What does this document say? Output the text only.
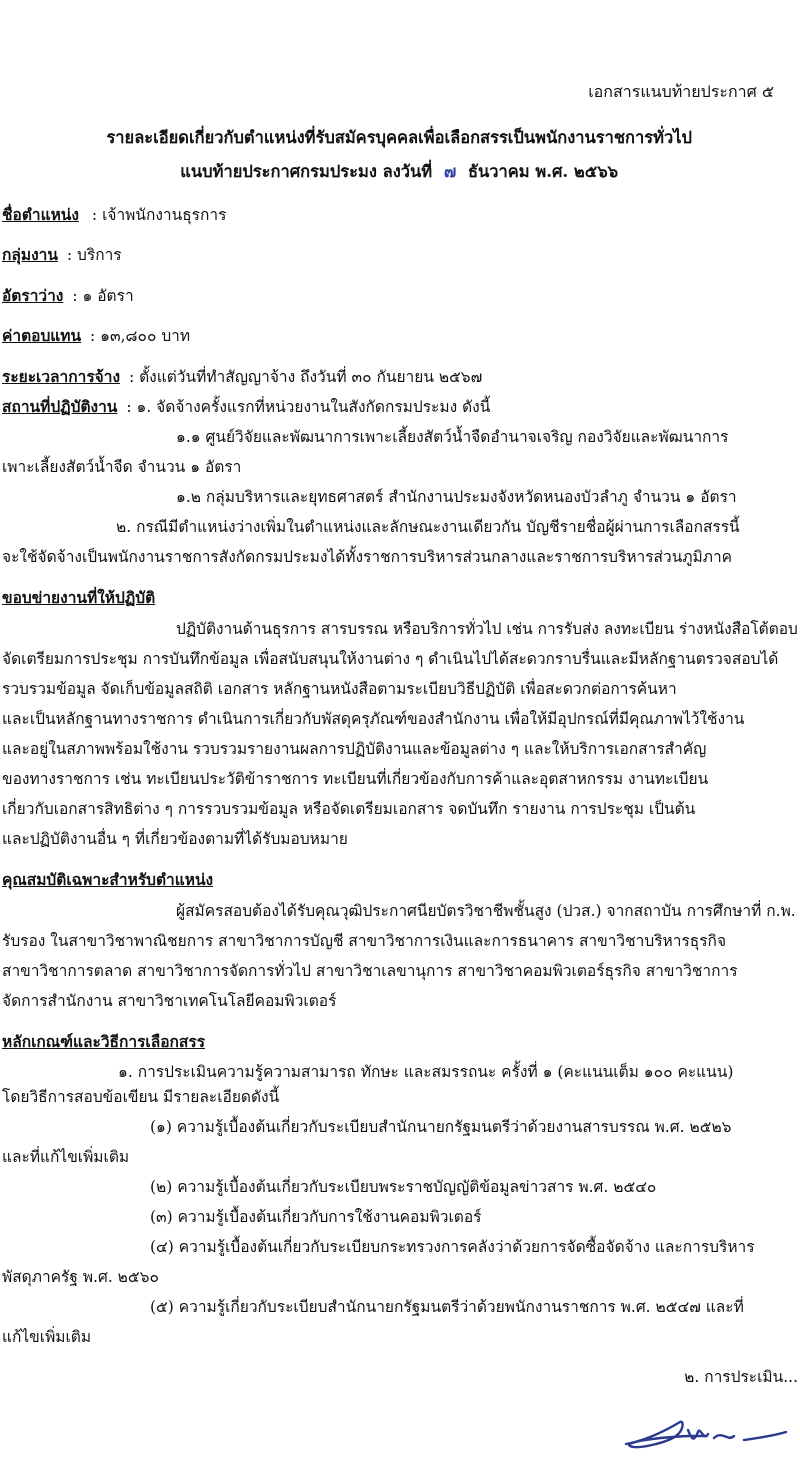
เอกสารแนบท้ายประกาศ ๕
รายละเอียดเกี่ยวกับตำแหน่งที่รับสมัครบุคคลเพื่อเลือกสรรเป็นพนักงานราชการทั่วไป
แนบท้ายประกาศกรมประมง ลงวันที่ ๗ ธันวาคม พ.ศ. ๒๕๖๖
ชื่อตำแหน่ง : เจ้าพนักงานธุรการ
กลุ่มงาน : บริการ
อัตราว่าง : ๑ อัตรา
ค่าตอบแทน : ๑๓,๘๐๐ บาท
ระยะเวลาการจ้าง : ตั้งแต่วันที่ทำสัญญาจ้าง ถึงวันที่ ๓๐ กันยายน ๒๕๖๗
สถานที่ปฏิบัติงาน : ๑. จัดจ้างครั้งแรกที่หน่วยงานในสังกัดกรมประมง ดังนี้
๑.๑ ศูนย์วิจัยและพัฒนาการเพาะเลี้ยงสัตว์น้ำจืดอำนาจเจริญ กองวิจัยและพัฒนาการ
เพาะเลี้ยงสัตว์น้ำจืด จำนวน ๑ อัตรา
๑.๒ กลุ่มบริหารและยุทธศาสตร์ สำนักงานประมงจังหวัดหนองบัวลำภู จำนวน ๑ อัตรา
๒. กรณีมีตำแหน่งว่างเพิ่มในตำแหน่งและลักษณะงานเดียวกัน บัญชีรายชื่อผู้ผ่านการเลือกสรรนี้
จะใช้จัดจ้างเป็นพนักงานราชการสังกัดกรมประมงได้ทั้งราชการบริหารส่วนกลางและราชการบริหารส่วนภูมิภาค
ขอบข่ายงานที่ให้ปฏิบัติ
ปฏิบัติงานด้านธุรการ สารบรรณ หรือบริการทั่วไป เช่น การรับส่ง ลงทะเบียน ร่างหนังสือโต้ตอบ
จัดเตรียมการประชุม การบันทึกข้อมูล เพื่อสนับสนุนให้งานต่าง ๆ ดำเนินไปได้สะดวกราบรื่นและมีหลักฐานตรวจสอบได้
รวบรวมข้อมูล จัดเก็บข้อมูลสถิติ เอกสาร หลักฐานหนังสือตามระเบียบวิธีปฏิบัติ เพื่อสะดวกต่อการค้นหา
และเป็นหลักฐานทางราชการ ดำเนินการเกี่ยวกับพัสดุครุภัณฑ์ของสำนักงาน เพื่อให้มีอุปกรณ์ที่มีคุณภาพไว้ใช้งาน
และอยู่ในสภาพพร้อมใช้งาน รวบรวมรายงานผลการปฏิบัติงานและข้อมูลต่าง ๆ และให้บริการเอกสารสำคัญ
ของทางราชการ เช่น ทะเบียนประวัติข้าราชการ ทะเบียนที่เกี่ยวข้องกับการค้าและอุตสาหกรรม งานทะเบียน
เกี่ยวกับเอกสารสิทธิต่าง ๆ การรวบรวมข้อมูล หรือจัดเตรียมเอกสาร จดบันทึก รายงาน การประชุม เป็นต้น
และปฏิบัติงานอื่น ๆ ที่เกี่ยวข้องตามที่ได้รับมอบหมาย
คุณสมบัติเฉพาะสำหรับตำแหน่ง
ผู้สมัครสอบต้องได้รับคุณวุฒิประกาศนียบัตรวิชาชีพชั้นสูง (ปวส.) จากสถาบัน การศึกษาที่ ก.พ.
รับรอง ในสาขาวิชาพาณิชยการ สาขาวิชาการบัญชี สาขาวิชาการเงินและการธนาคาร สาขาวิชาบริหารธุรกิจ
สาขาวิชาการตลาด สาขาวิชาการจัดการทั่วไป สาขาวิชาเลขานุการ สาขาวิชาคอมพิวเตอร์ธุรกิจ สาขาวิชาการ
จัดการสำนักงาน สาขาวิชาเทคโนโลยีคอมพิวเตอร์
หลักเกณฑ์และวิธีการเลือกสรร
๑. การประเมินความรู้ความสามารถ ทักษะ และสมรรถนะ ครั้งที่ ๑ (คะแนนเต็ม ๑๐๐ คะแนน)
โดยวิธีการสอบข้อเขียน มีรายละเอียดดังนี้
(๑) ความรู้เบื้องต้นเกี่ยวกับระเบียบสำนักนายกรัฐมนตรีว่าด้วยงานสารบรรณ พ.ศ. ๒๕๒๖
และที่แก้ไขเพิ่มเติม
(๒) ความรู้เบื้องต้นเกี่ยวกับระเบียบพระราชบัญญัติข้อมูลข่าวสาร พ.ศ. ๒๕๔๐
(๓) ความรู้เบื้องต้นเกี่ยวกับการใช้งานคอมพิวเตอร์
(๔) ความรู้เบื้องต้นเกี่ยวกับระเบียบกระทรวงการคลังว่าด้วยการจัดซื้อจัดจ้าง และการบริหาร
พัสดุภาครัฐ พ.ศ. ๒๕๖๐
(๕) ความรู้เกี่ยวกับระเบียบสำนักนายกรัฐมนตรีว่าด้วยพนักงานราชการ พ.ศ. ๒๕๔๗ และที่
แก้ไขเพิ่มเติม
๒. การประเมิน...
